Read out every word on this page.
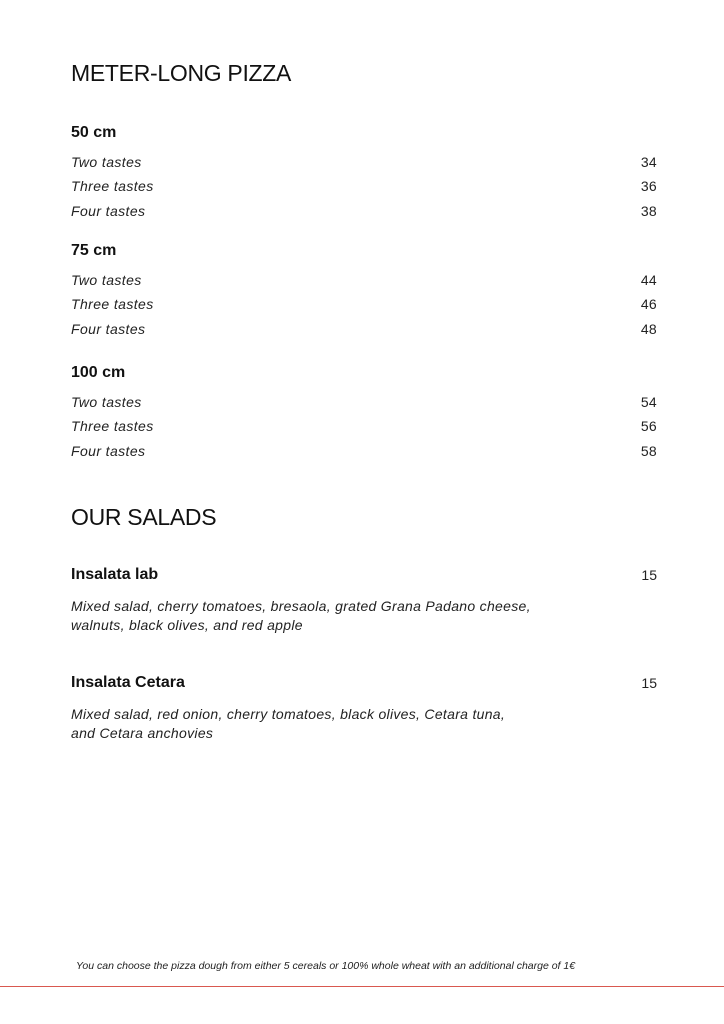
METER-LONG PIZZA
50 cm
Two tastes	34
Three tastes	36
Four tastes	38
75 cm
Two tastes	44
Three tastes	46
Four tastes	48
100 cm
Two tastes	54
Three tastes	56
Four tastes	58
OUR SALADS
Insalata lab	15

Mixed salad, cherry tomatoes, bresaola, grated Grana Padano cheese,
walnuts, black olives, and red apple

Insalata Cetara	15

Mixed salad, red onion, cherry tomatoes, black olives, Cetara tuna,
and Cetara anchovies

You can choose the pizza dough from either 5 cereals or 100% whole wheat with an additional charge of 1€
